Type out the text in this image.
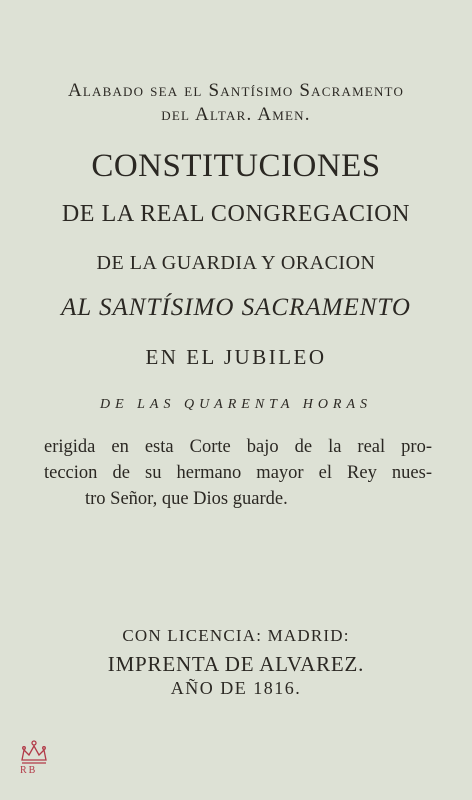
Alabado sea el Santísimo Sacramento
del Altar. Amen.
CONSTITUCIONES
DE LA REAL CONGREGACION
DE LA GUARDIA Y ORACION
AL SANTÍSIMO SACRAMENTO
EN EL JUBILEO
DE LAS QUARENTA HORAS
erigida en esta Corte bajo de la real pro-
teccion de su hermano mayor el Rey nues-
tro Señor, que Dios guarde.
CON LICENCIA: MADRID:
IMPRENTA DE ALVAREZ.
AÑO DE 1816.
RB
